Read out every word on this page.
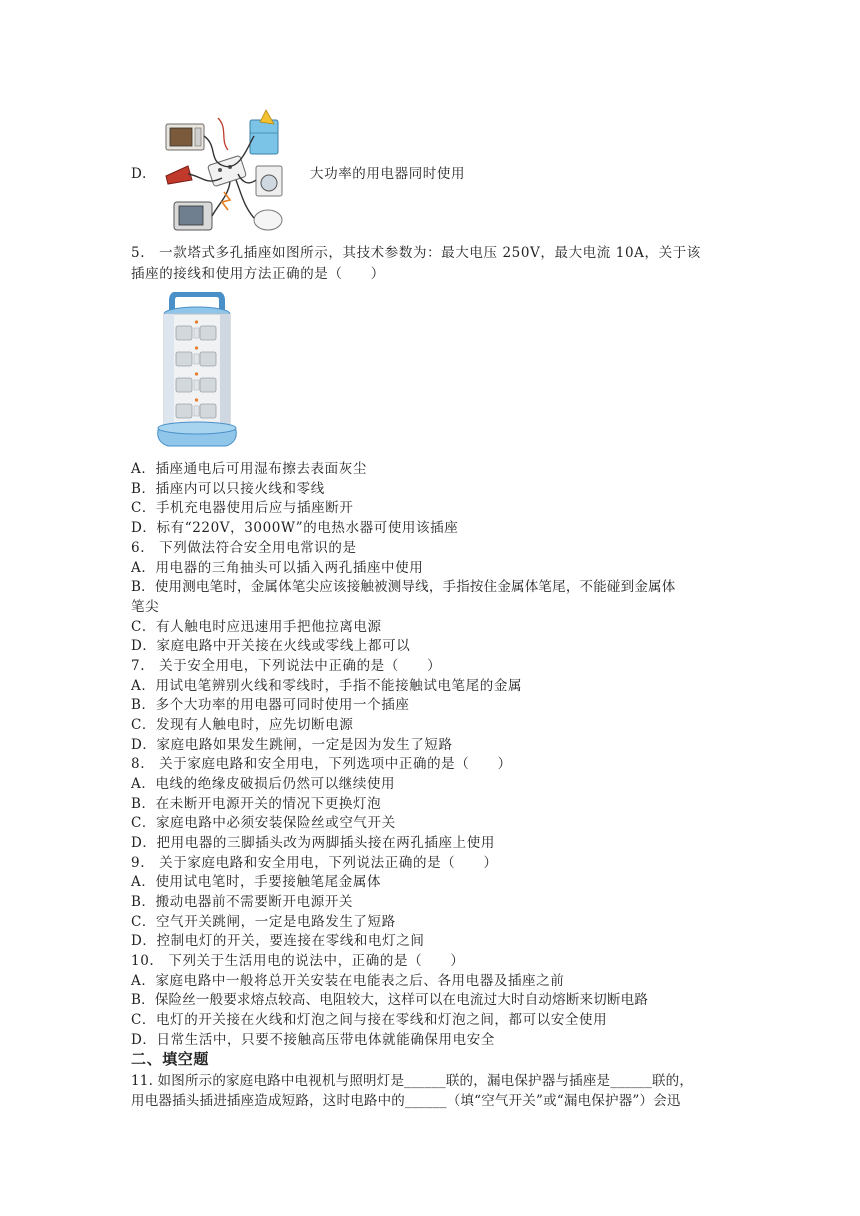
D.	大功率的用电器同时使用
5.　一款塔式多孔插座如图所示，其技术参数为：最大电压 250V，最大电流 10A，关于该
插座的接线和使用方法正确的是（　　）
A．插座通电后可用湿布擦去表面灰尘
B．插座内可以只接火线和零线
C．手机充电器使用后应与插座断开
D．标有“220V，3000W”的电热水器可使用该插座
6.　下列做法符合安全用电常识的是
A．用电器的三角抽头可以插入两孔插座中使用
B．使用测电笔时，金属体笔尖应该接触被测导线，手指按住金属体笔尾，不能碰到金属体
笔尖
C．有人触电时应迅速用手把他拉离电源
D．家庭电路中开关接在火线或零线上都可以
7.　关于安全用电，下列说法中正确的是（　　）
A．用试电笔辨别火线和零线时，手指不能接触试电笔尾的金属
B．多个大功率的用电器可同时使用一个插座
C．发现有人触电时，应先切断电源
D．家庭电路如果发生跳闸，一定是因为发生了短路
8.　关于家庭电路和安全用电，下列选项中正确的是（　　）
A．电线的绝缘皮破损后仍然可以继续使用
B．在未断开电源开关的情况下更换灯泡
C．家庭电路中必须安装保险丝或空气开关
D．把用电器的三脚插头改为两脚插头接在两孔插座上使用
9.　关于家庭电路和安全用电，下列说法正确的是（　　）
A．使用试电笔时，手要接触笔尾金属体
B．搬动电器前不需要断开电源开关
C．空气开关跳闸，一定是电路发生了短路
D．控制电灯的开关，要连接在零线和电灯之间
10.　下列关于生活用电的说法中，正确的是（　　）
A．家庭电路中一般将总开关安装在电能表之后、各用电器及插座之前
B．保险丝一般要求熔点较高、电阻较大，这样可以在电流过大时自动熔断来切断电路
C．电灯的开关接在火线和灯泡之间与接在零线和灯泡之间，都可以安全使用
D．日常生活中，只要不接触高压带电体就能确保用电安全
二、填空题
11. 如图所示的家庭电路中电视机与照明灯是______联的，漏电保护器与插座是______联的，
用电器插头插进插座造成短路，这时电路中的______（填“空气开关”或“漏电保护器”）会迅
